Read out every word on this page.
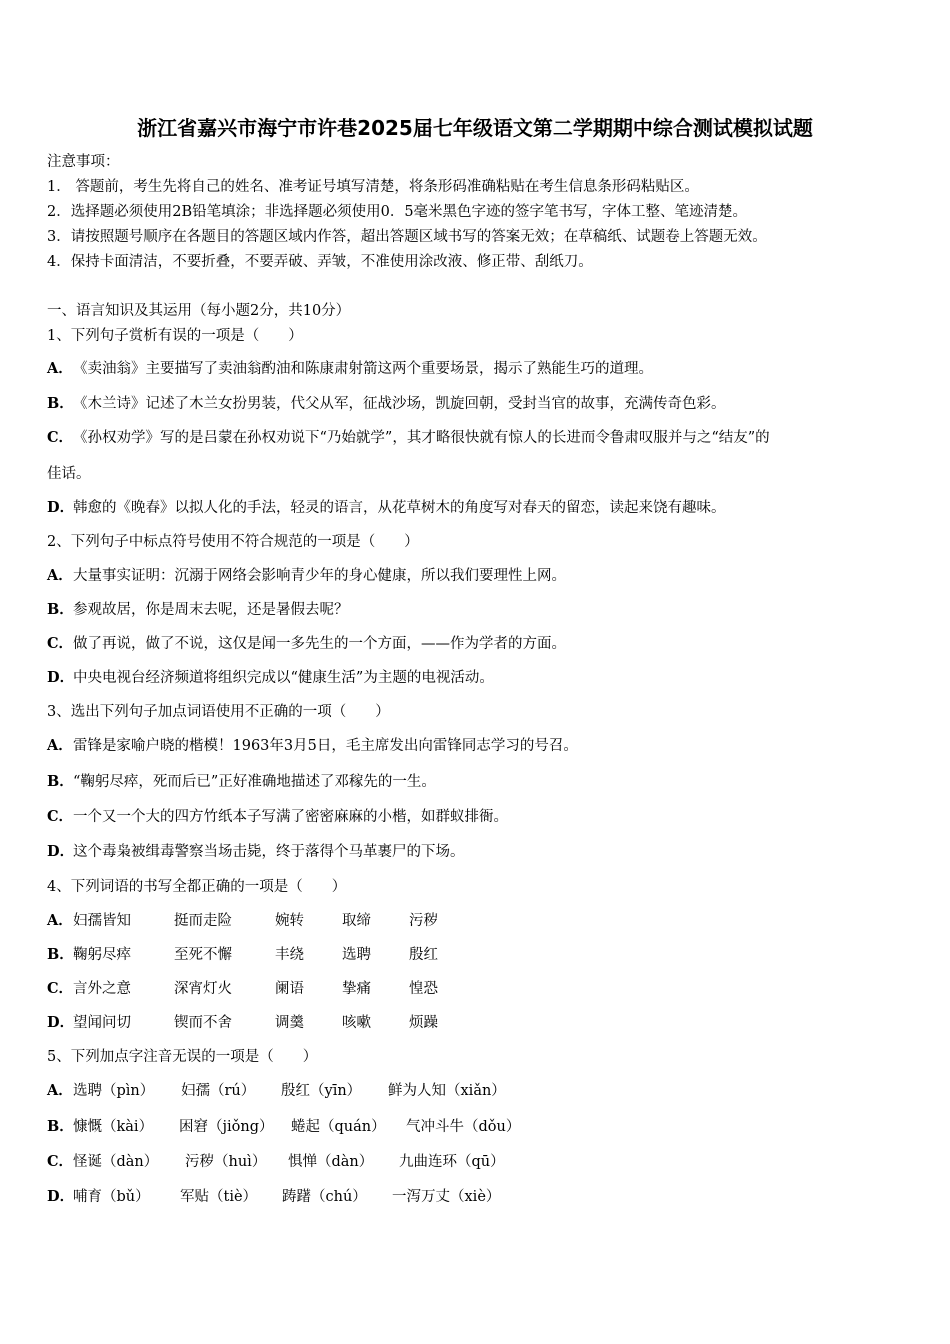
浙江省嘉兴市海宁市许巷2025届七年级语文第二学期期中综合测试模拟试题
注意事项：
1． 答题前，考生先将自己的姓名、准考证号填写清楚，将条形码准确粘贴在考生信息条形码粘贴区。
2．选择题必须使用2B铅笔填涂；非选择题必须使用0．5毫米黑色字迹的签字笔书写，字体工整、笔迹清楚。
3．请按照题号顺序在各题目的答题区域内作答，超出答题区域书写的答案无效；在草稿纸、试题卷上答题无效。
4．保持卡面清洁，不要折叠，不要弄破、弄皱，不准使用涂改液、修正带、刮纸刀。
一、语言知识及其运用（每小题2分，共10分）
1、下列句子赏析有误的一项是（　　）
A．《卖油翁》主要描写了卖油翁酌油和陈康肃射箭这两个重要场景，揭示了熟能生巧的道理。
B．《木兰诗》记述了木兰女扮男装，代父从军，征战沙场，凯旋回朝，受封当官的故事，充满传奇色彩。
C．《孙权劝学》写的是吕蒙在孙权劝说下“乃始就学”，其才略很快就有惊人的长进而令鲁肃叹服并与之“结友”的
佳话。
D．韩愈的《晚春》以拟人化的手法，轻灵的语言，从花草树木的角度写对春天的留恋，读起来饶有趣味。
2、下列句子中标点符号使用不符合规范的一项是（　　）
A．大量事实证明：沉溺于网络会影响青少年的身心健康，所以我们要理性上网。
B．参观故居，你是周末去呢，还是暑假去呢？
C．做了再说，做了不说，这仅是闻一多先生的一个方面，——作为学者的方面。
D．中央电视台经济频道将组织完成以“健康生活”为主题的电视活动。
3、选出下列句子加点词语使用不正确的一项（　　）
A．雷锋是家喻户晓的楷模！1963年3月5日，毛主席发出向雷锋同志学习的号召。
B．“鞠躬尽瘁，死而后已”正好准确地描述了邓稼先的一生。
C．一个又一个大的四方竹纸本子写满了密密麻麻的小楷，如群蚁排衙。
D．这个毒枭被缉毒警察当场击毙，终于落得个马革裹尸的下场。
4、下列词语的书写全都正确的一项是（　　）
A．妇孺皆知	挺而走险	婉转	取缔	污秽
B．鞠躬尽瘁	至死不懈	丰绕	选聘	殷红
C．言外之意	深宵灯火	阑语	挚痛	惶恐
D．望闻问切	锲而不舍	调羹	咳嗽	烦躁
5、下列加点字注音无误的一项是（　　）
A．选聘（pìn） 妇孺（rú） 殷红（yīn） 鲜为人知（xiǎn）
B．慷慨（kài） 困窘（jiǒng） 蜷起（quán） 气冲斗牛（dǒu）
C．怪诞（dàn） 污秽（huì） 惧惮（dàn） 九曲连环（qū）
D．哺育（bǔ） 军贴（tiè） 踌躇（chú） 一泻万丈（xiè）
